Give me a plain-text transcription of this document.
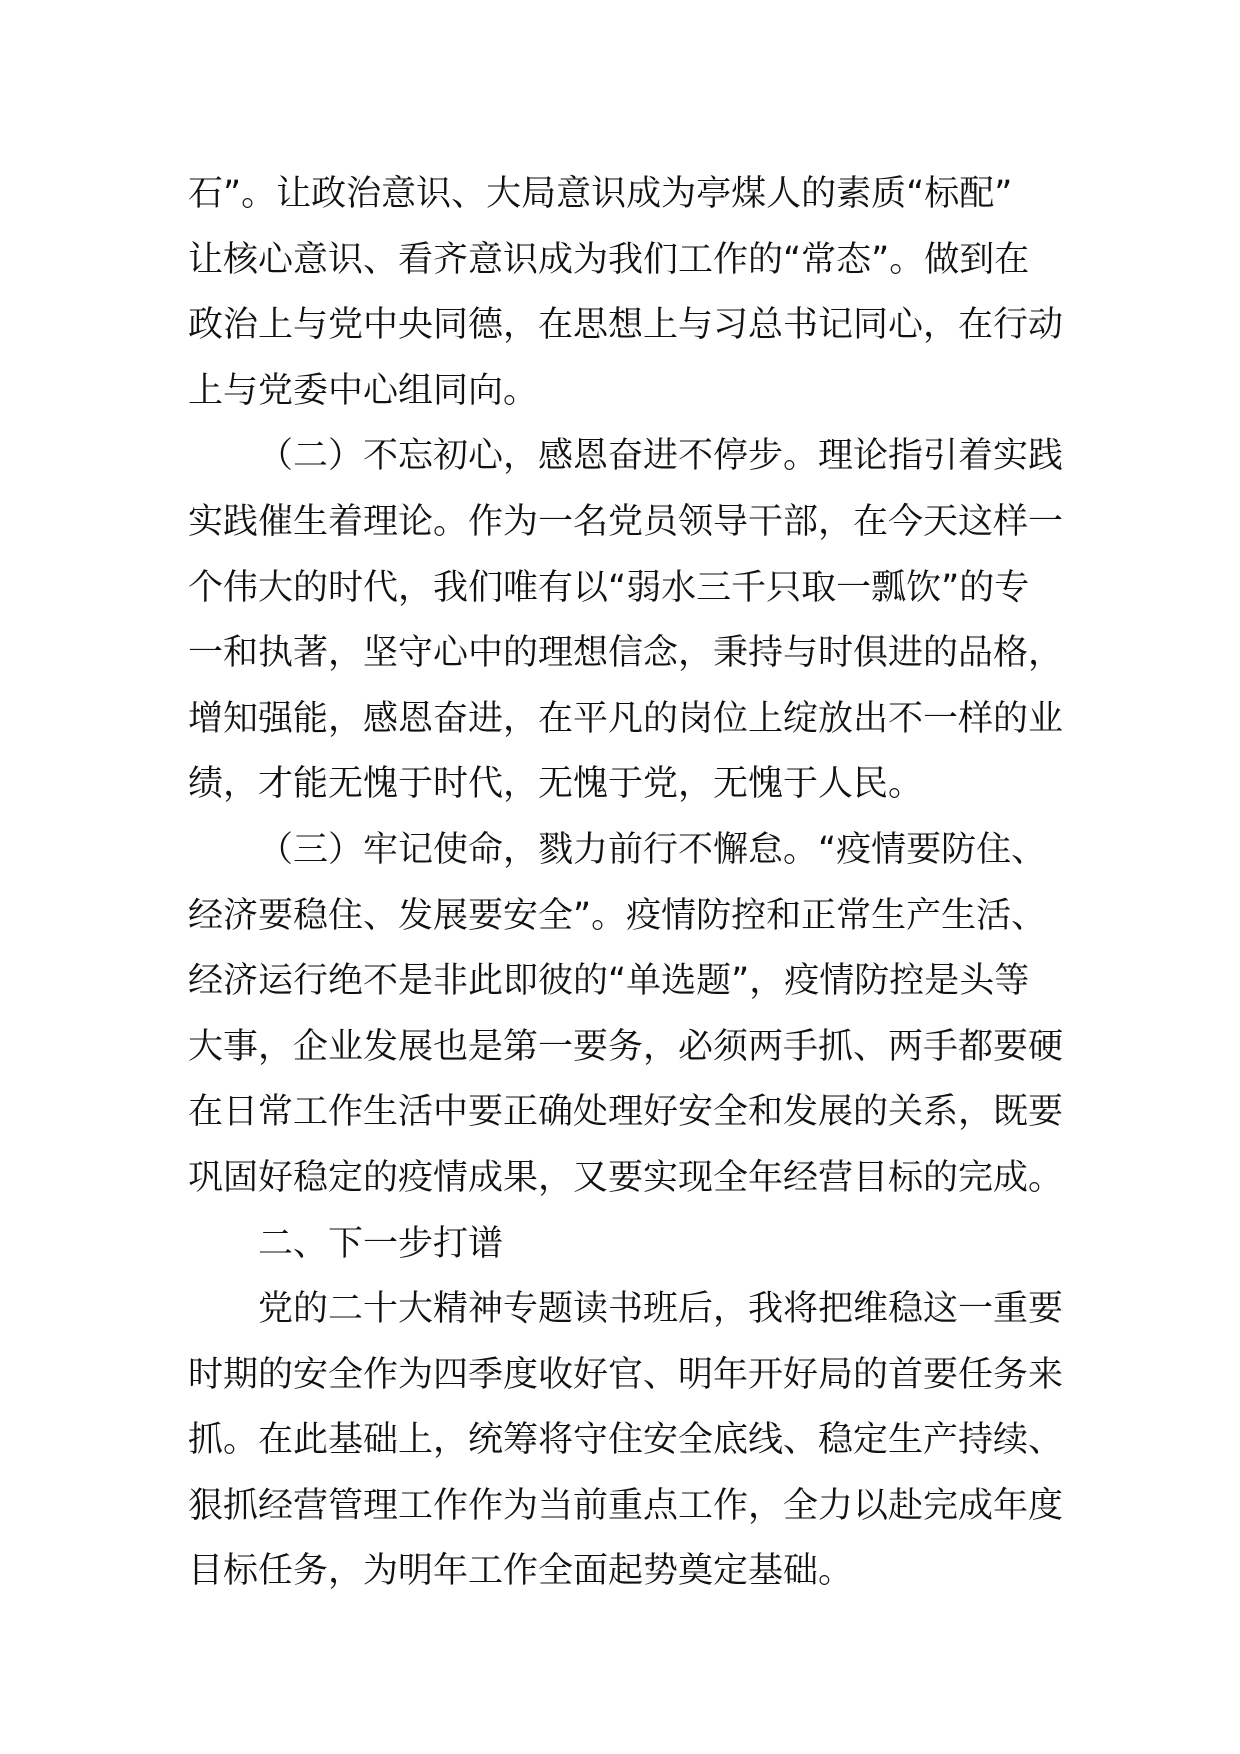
石”。让政治意识、大局意识成为亭煤人的素质“标配”
让核心意识、看齐意识成为我们工作的“常态”。做到在
政治上与党中央同德，在思想上与习总书记同心，在行动
上与党委中心组同向。
（二）不忘初心，感恩奋进不停步。理论指引着实践
实践催生着理论。作为一名党员领导干部，在今天这样一
个伟大的时代，我们唯有以“弱水三千只取一瓢饮”的专
一和执著，坚守心中的理想信念，秉持与时俱进的品格，
增知强能，感恩奋进，在平凡的岗位上绽放出不一样的业
绩，才能无愧于时代，无愧于党，无愧于人民。
（三）牢记使命，戮力前行不懈怠。“疫情要防住、
经济要稳住、发展要安全”。疫情防控和正常生产生活、
经济运行绝不是非此即彼的“单选题”，疫情防控是头等
大事，企业发展也是第一要务，必须两手抓、两手都要硬
在日常工作生活中要正确处理好安全和发展的关系，既要
巩固好稳定的疫情成果，又要实现全年经营目标的完成。
二、下一步打谱
党的二十大精神专题读书班后，我将把维稳这一重要
时期的安全作为四季度收好官、明年开好局的首要任务来
抓。在此基础上，统筹将守住安全底线、稳定生产持续、
狠抓经营管理工作作为当前重点工作，全力以赴完成年度
目标任务，为明年工作全面起势奠定基础。
